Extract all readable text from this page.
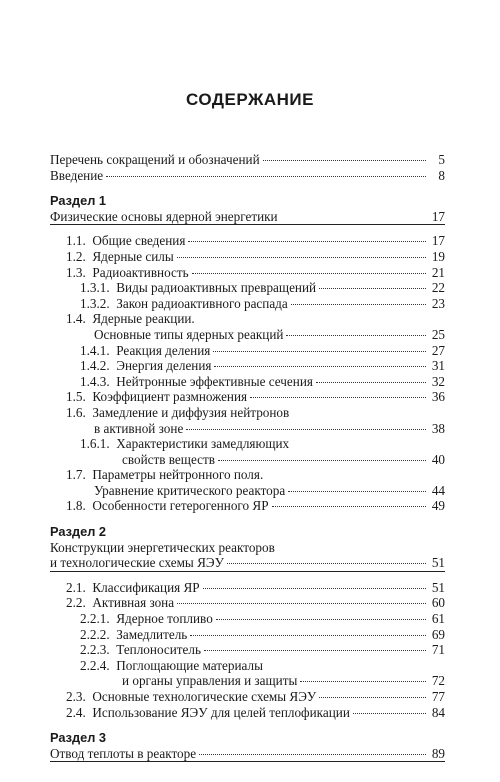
СОДЕРЖАНИЕ
Перечень сокращений и обозначений	5
Введение	8
Раздел 1
Физические основы ядерной энергетики	17
1.1. Общие сведения	17
1.2. Ядерные силы	19
1.3. Радиоактивность	21
1.3.1. Виды радиоактивных превращений	22
1.3.2. Закон радиоактивного распада	23
1.4. Ядерные реакции.
Основные типы ядерных реакций	25
1.4.1. Реакция деления	27
1.4.2. Энергия деления	31
1.4.3. Нейтронные эффективные сечения	32
1.5. Коэффициент размножения	36
1.6. Замедление и диффузия нейтронов
в активной зоне	38
1.6.1. Характеристики замедляющих
свойств веществ	40
1.7. Параметры нейтронного поля.
Уравнение критического реактора	44
1.8. Особенности гетерогенного ЯР	49
Раздел 2
Конструкции энергетических реакторов
и технологические схемы ЯЭУ	51
2.1. Классификация ЯР	51
2.2. Активная зона	60
2.2.1. Ядерное топливо	61
2.2.2. Замедлитель	69
2.2.3. Теплоноситель	71
2.2.4. Поглощающие материалы
и органы управления и защиты	72
2.3. Основные технологические схемы ЯЭУ	77
2.4. Использование ЯЭУ для целей теплофикации	84
Раздел 3
Отвод теплоты в реакторе	89
